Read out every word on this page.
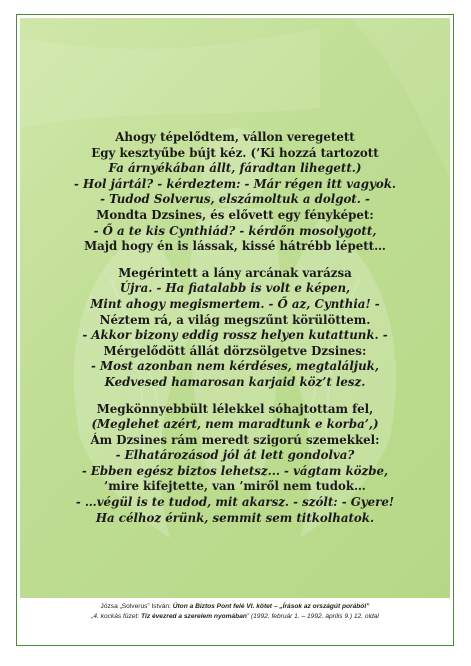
Ahogy tépelődtem, vállon veregetett
Egy kesztyűbe bújt kéz. (’Ki hozzá tartozott
Fa árnyékában állt, fáradtan lihegett.)
- Hol jártál? - kérdeztem: - Már régen itt vagyok.
- Tudod Solverus, elszámoltuk a dolgot. -
Mondta Dzsines, és elővett egy fényképet:
- Ő a te kis Cynthiád? - kérdőn mosolygott,
Majd hogy én is lássak, kissé hátrébb lépett…
Megérintett a lány arcának varázsa
Újra. - Ha fiatalabb is volt e képen,
Mint ahogy megismertem. - Ő az, Cynthia! -
Néztem rá, a világ megszűnt körülöttem.
- Akkor bizony eddig rossz helyen kutattunk. -
Mérgelődött állát dörzsölgetve Dzsines:
- Most azonban nem kérdéses, megtaláljuk,
Kedvesed hamarosan karjaid köz’t lesz.
Megkönnyebbült lélekkel sóhajtottam fel,
(Meglehet azért, nem maradtunk e korba’,)
Ám Dzsines rám meredt szigorú szemekkel:
- Elhatározásod jól át lett gondolva?
- Ebben egész biztos lehetsz... - vágtam közbe,
’mire kifejtette, van ’miről nem tudok…
- …végül is te tudod, mit akarsz. - szólt: - Gyere!
Ha célhoz érünk, semmit sem titkolhatok.
Józsa „Solverus” István: Úton a Biztos Pont felé VI. kötet – „Írások az országút porából”
„4. kockás füzet: Tíz évezred a szerelem nyomában” (1992. február 1. – 1992. április 9.) 12. oldal
